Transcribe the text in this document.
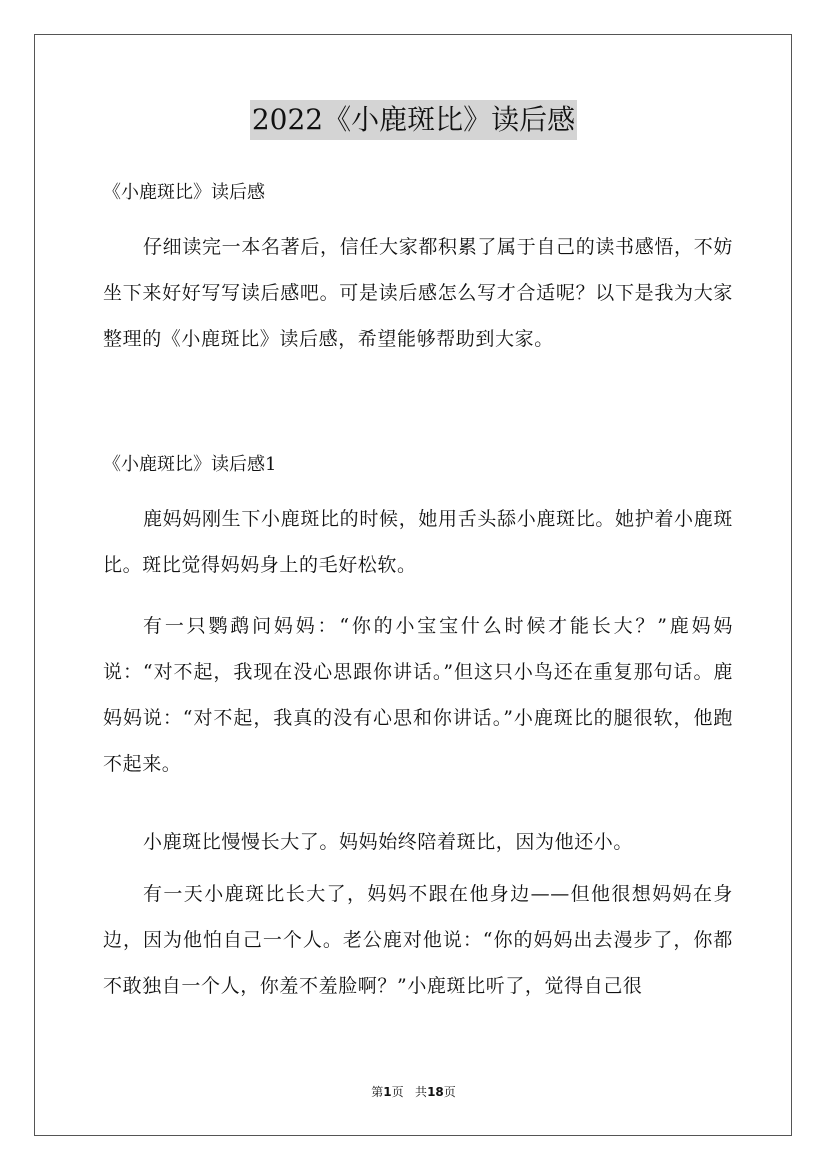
2022《小鹿斑比》读后感

《小鹿斑比》读后感

仔细读完一本名著后，信任大家都积累了属于自己的读书感悟，不妨坐下来好好写写读后感吧。可是读后感怎么写才合适呢？以下是我为大家整理的《小鹿斑比》读后感，希望能够帮助到大家。

《小鹿斑比》读后感1

鹿妈妈刚生下小鹿斑比的时候，她用舌头舔小鹿斑比。她护着小鹿斑比。斑比觉得妈妈身上的毛好松软。

有一只鹦鹉问妈妈：“你的小宝宝什么时候才能长大？”鹿妈妈说：“对不起，我现在没心思跟你讲话。”但这只小鸟还在重复那句话。鹿妈妈说：“对不起，我真的没有心思和你讲话。”小鹿斑比的腿很软，他跑不起来。

小鹿斑比慢慢长大了。妈妈始终陪着斑比，因为他还小。

有一天小鹿斑比长大了，妈妈不跟在他身边——但他很想妈妈在身边，因为他怕自己一个人。老公鹿对他说：“你的妈妈出去漫步了，你都不敢独自一个人，你羞不羞脸啊？”小鹿斑比听了，觉得自己很

第1页 共18页
